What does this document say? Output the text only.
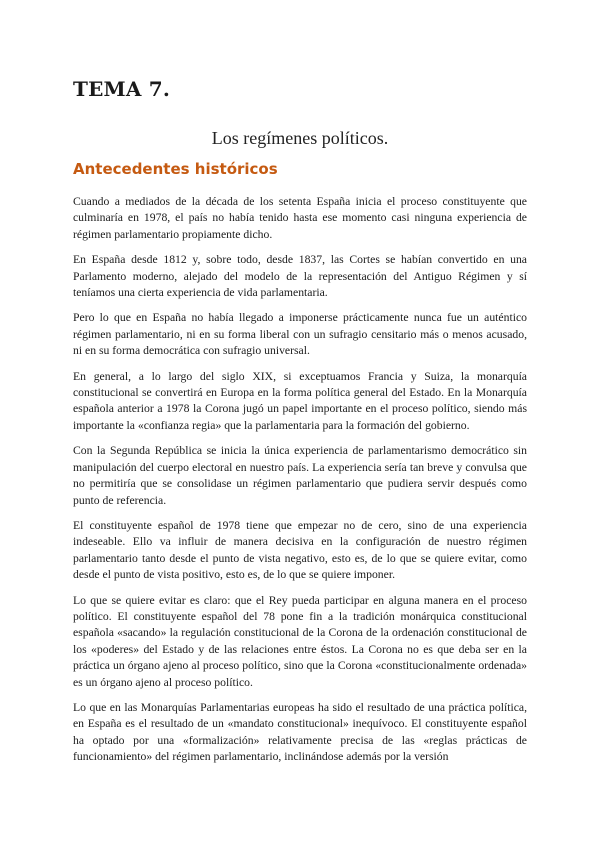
TEMA 7.
Los regímenes políticos.
Antecedentes históricos

Cuando a mediados de la década de los setenta España inicia el proceso constituyente que culminaría en 1978, el país no había tenido hasta ese momento casi ninguna experiencia de régimen parlamentario propiamente dicho.

En España desde 1812 y, sobre todo, desde 1837, las Cortes se habían convertido en una Parlamento moderno, alejado del modelo de la representación del Antiguo Régimen y sí teníamos una cierta experiencia de vida parlamentaria.

Pero lo que en España no había llegado a imponerse prácticamente nunca fue un auténtico régimen parlamentario, ni en su forma liberal con un sufragio censitario más o menos acusado, ni en su forma democrática con sufragio universal.

En general, a lo largo del siglo XIX, si exceptuamos Francia y Suiza, la monarquía constitucional se convertirá en Europa en la forma política general del Estado. En la Monarquía española anterior a 1978 la Corona jugó un papel importante en el proceso político, siendo más importante la «confianza regia» que la parlamentaria para la formación del gobierno.

Con la Segunda República se inicia la única experiencia de parlamentarismo democrático sin manipulación del cuerpo electoral en nuestro país. La experiencia sería tan breve y convulsa que no permitiría que se consolidase un régimen parlamentario que pudiera servir después como punto de referencia.

El constituyente español de 1978 tiene que empezar no de cero, sino de una experiencia indeseable. Ello va influir de manera decisiva en la configuración de nuestro régimen parlamentario tanto desde el punto de vista negativo, esto es, de lo que se quiere evitar, como desde el punto de vista positivo, esto es, de lo que se quiere imponer.

Lo que se quiere evitar es claro: que el Rey pueda participar en alguna manera en el proceso político. El constituyente español del 78 pone fin a la tradición monárquica constitucional española «sacando» la regulación constitucional de la Corona de la ordenación constitucional de los «poderes» del Estado y de las relaciones entre éstos. La Corona no es que deba ser en la práctica un órgano ajeno al proceso político, sino que la Corona «constitucionalmente ordenada» es un órgano ajeno al proceso político.

Lo que en las Monarquías Parlamentarias europeas ha sido el resultado de una práctica política, en España es el resultado de un «mandato constitucional» inequívoco. El constituyente español ha optado por una «formalización» relativamente precisa de las «reglas prácticas de funcionamiento» del régimen parlamentario, inclinándose además por la versión
